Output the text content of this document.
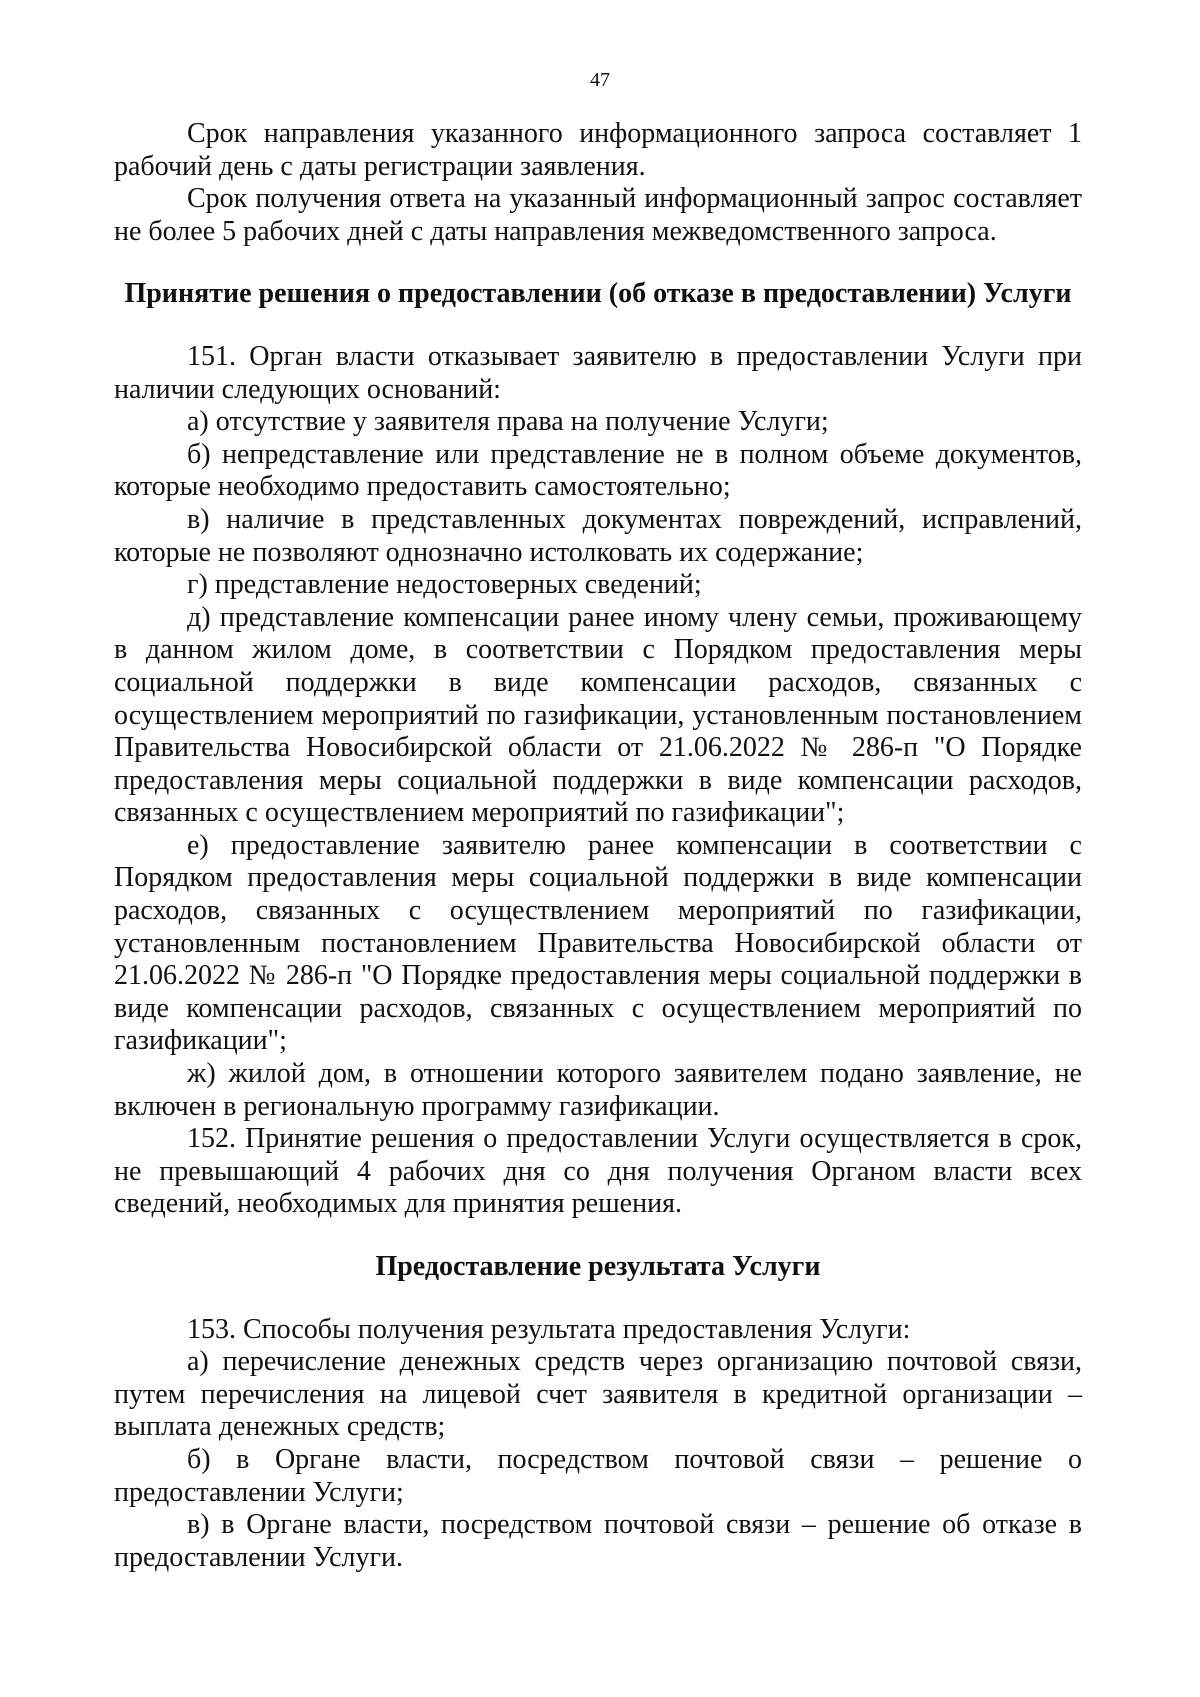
47

Срок направления указанного информационного запроса составляет 1 рабочий день с даты регистрации заявления.

Срок получения ответа на указанный информационный запрос составляет не более 5 рабочих дней с даты направления межведомственного запроса.

Принятие решения о предоставлении (об отказе в предоставлении) Услуги

151. Орган власти отказывает заявителю в предоставлении Услуги при наличии следующих оснований:

а) отсутствие у заявителя права на получение Услуги;

б) непредставление или представление не в полном объеме документов, которые необходимо предоставить самостоятельно;

в) наличие в представленных документах повреждений, исправлений, которые не позволяют однозначно истолковать их содержание;

г) представление недостоверных сведений;

д) представление компенсации ранее иному члену семьи, проживающему в данном жилом доме, в соответствии с Порядком предоставления меры социальной поддержки в виде компенсации расходов, связанных с осуществлением мероприятий по газификации, установленным постановлением Правительства Новосибирской области от 21.06.2022 № 286-п "О Порядке предоставления меры социальной поддержки в виде компенсации расходов, связанных с осуществлением мероприятий по газификации";

е) предоставление заявителю ранее компенсации в соответствии с Порядком предоставления меры социальной поддержки в виде компенсации расходов, связанных с осуществлением мероприятий по газификации, установленным постановлением Правительства Новосибирской области от 21.06.2022 № 286-п "О Порядке предоставления меры социальной поддержки в виде компенсации расходов, связанных с осуществлением мероприятий по газификации";

ж) жилой дом, в отношении которого заявителем подано заявление, не включен в региональную программу газификации.

152. Принятие решения о предоставлении Услуги осуществляется в срок, не превышающий 4 рабочих дня со дня получения Органом власти всех сведений, необходимых для принятия решения.

Предоставление результата Услуги

153. Способы получения результата предоставления Услуги:

а) перечисление денежных средств через организацию почтовой связи, путем перечисления на лицевой счет заявителя в кредитной организации – выплата денежных средств;

б) в Органе власти, посредством почтовой связи – решение о предоставлении Услуги;

в) в Органе власти, посредством почтовой связи – решение об отказе в предоставлении Услуги.
